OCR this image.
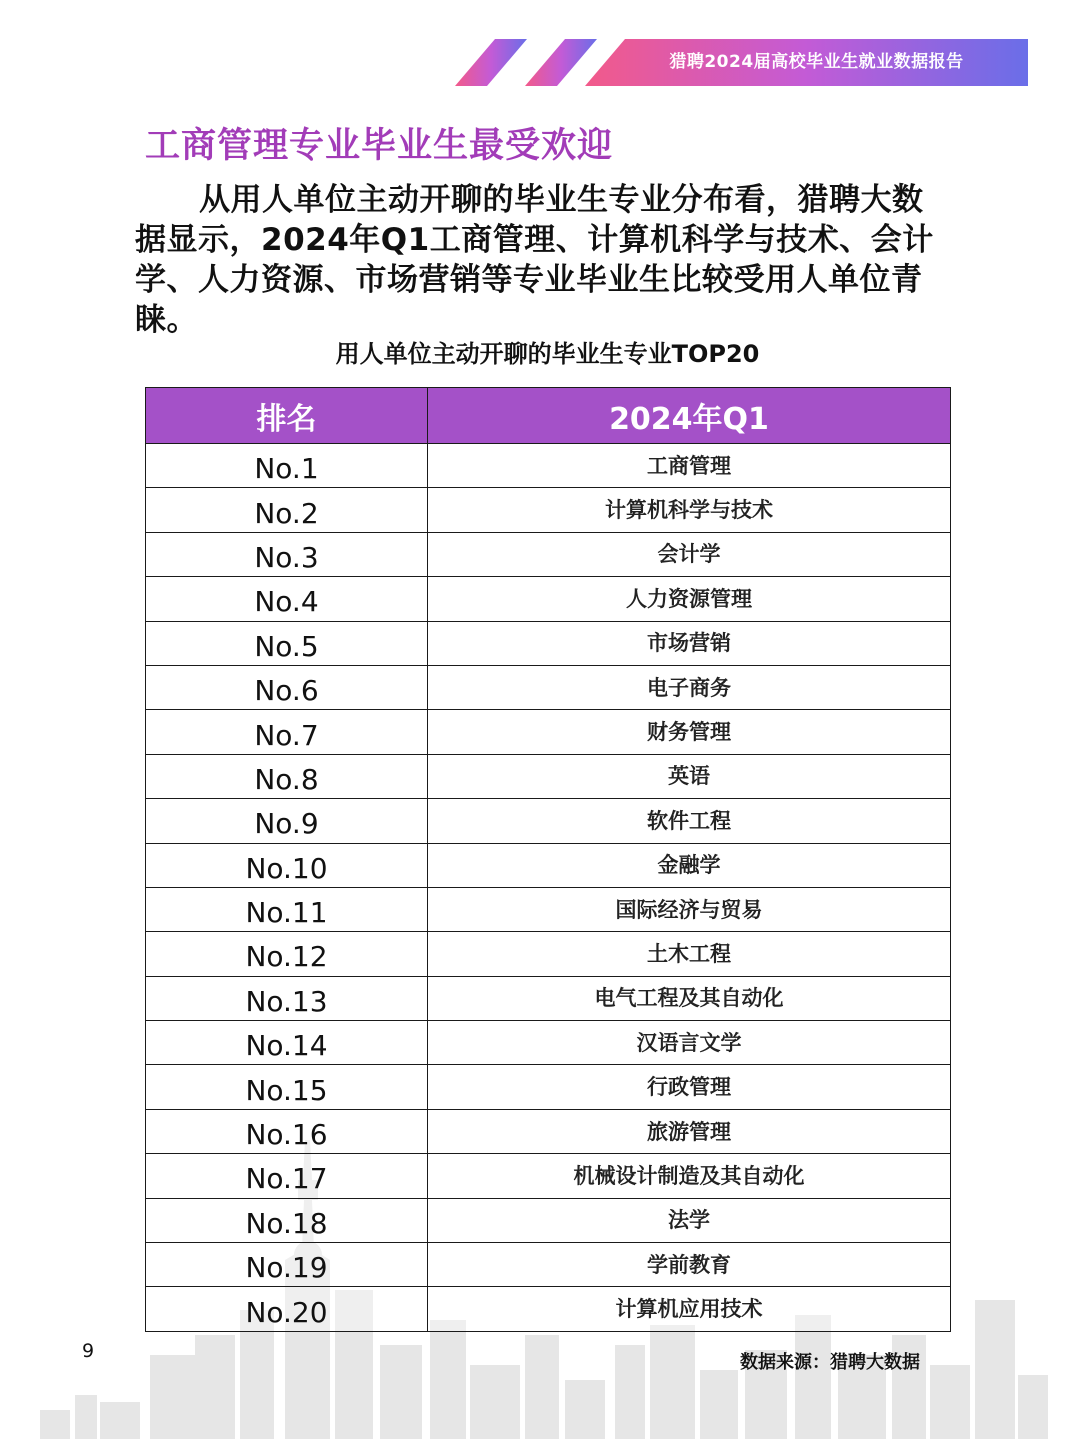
猎聘2024届高校毕业生就业数据报告
工商管理专业毕业生最受欢迎
从用人单位主动开聊的毕业生专业分布看，猎聘大数据显示，2024年Q1工商管理、计算机科学与技术、会计学、人力资源、市场营销等专业毕业生比较受用人单位青睐。
用人单位主动开聊的毕业生专业TOP20
排名	2024年Q1
No.1	工商管理
No.2	计算机科学与技术
No.3	会计学
No.4	人力资源管理
No.5	市场营销
No.6	电子商务
No.7	财务管理
No.8	英语
No.9	软件工程
No.10	金融学
No.11	国际经济与贸易
No.12	土木工程
No.13	电气工程及其自动化
No.14	汉语言文学
No.15	行政管理
No.16	旅游管理
No.17	机械设计制造及其自动化
No.18	法学
No.19	学前教育
No.20	计算机应用技术
9
数据来源：猎聘大数据
